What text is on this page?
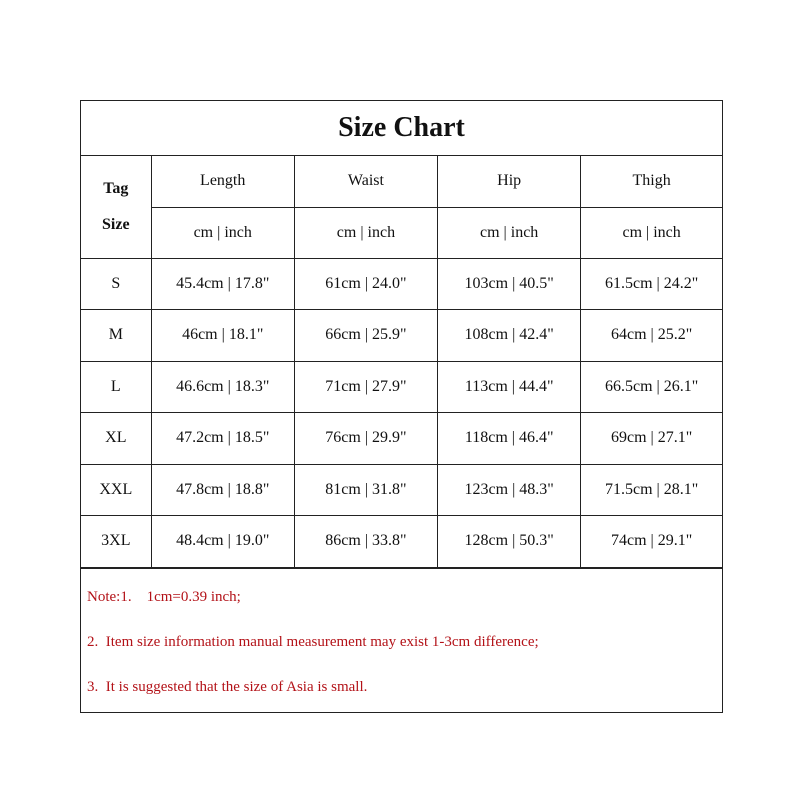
Size Chart
Tag
Size	Length	Waist	Hip	Thigh
	cm | inch	cm | inch	cm | inch	cm | inch
S	45.4cm | 17.8"	61cm | 24.0"	103cm | 40.5"	61.5cm | 24.2"
M	46cm | 18.1"	66cm | 25.9"	108cm | 42.4"	64cm | 25.2"
L	46.6cm | 18.3"	71cm | 27.9"	113cm | 44.4"	66.5cm | 26.1"
XL	47.2cm | 18.5"	76cm | 29.9"	118cm | 46.4"	69cm | 27.1"
XXL	47.8cm | 18.8"	81cm | 31.8"	123cm | 48.3"	71.5cm | 28.1"
3XL	48.4cm | 19.0"	86cm | 33.8"	128cm | 50.3"	74cm | 29.1"
Note:1.    1cm=0.39 inch;
2.  Item size information manual measurement may exist 1-3cm difference;
3.  It is suggested that the size of Asia is small.
